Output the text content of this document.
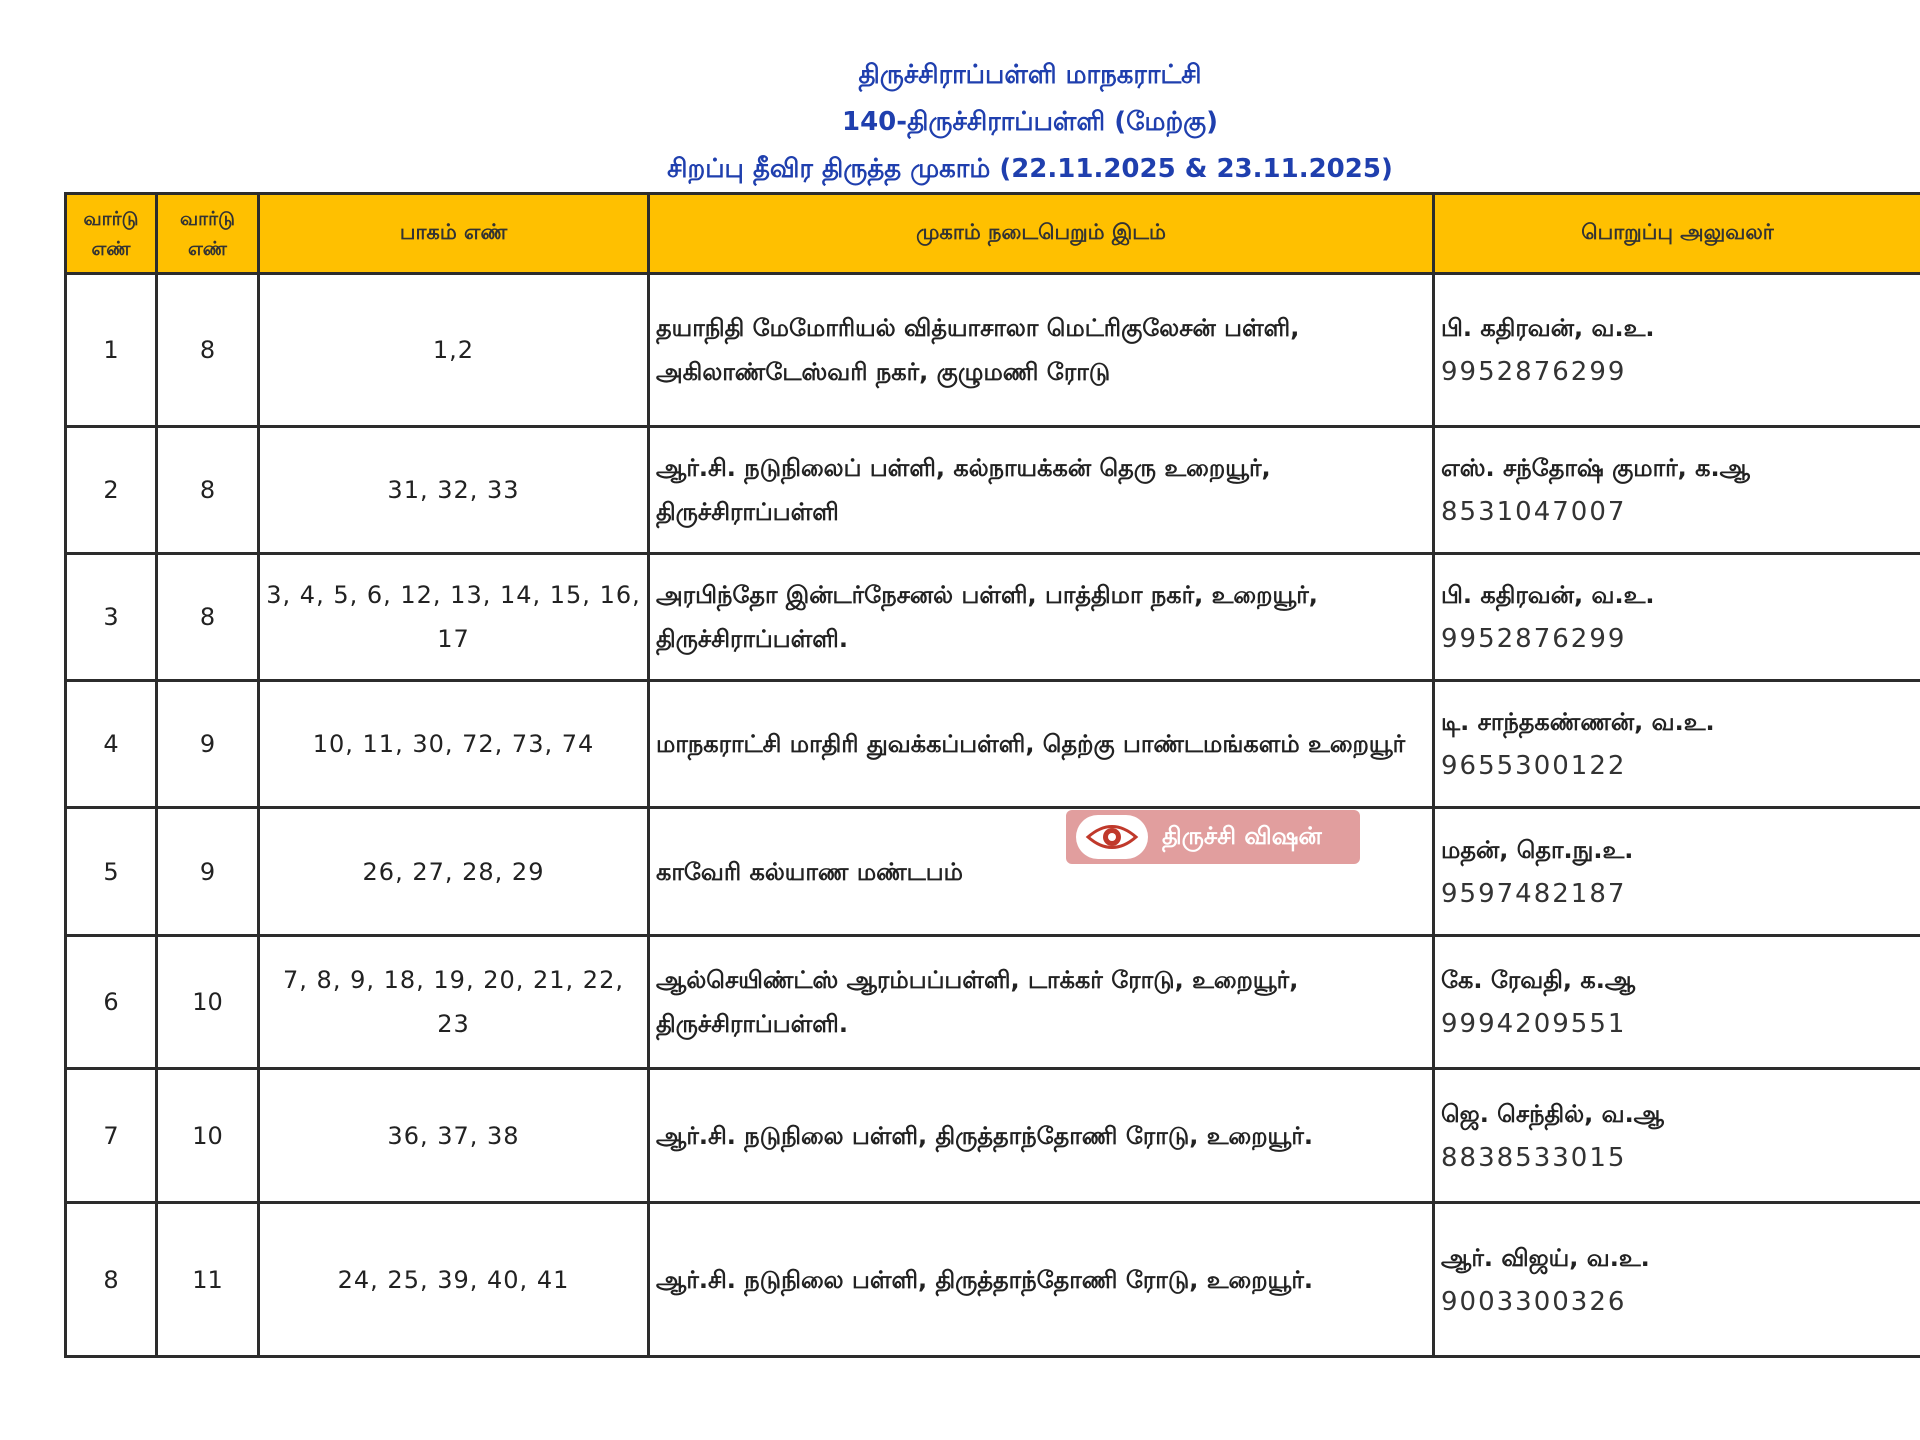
திருச்சிராப்பள்ளி மாநகராட்சி
140-திருச்சிராப்பள்ளி (மேற்கு)
சிறப்பு தீவிர திருத்த முகாம் (22.11.2025 & 23.11.2025)
வார்டு எண்	வார்டு எண்	பாகம் எண்	முகாம் நடைபெறும் இடம்	பொறுப்பு அலுவலர்
1	8	1,2	தயாநிதி மேமோரியல் வித்யாசாலா மெட்ரிகுலேசன் பள்ளி, அகிலாண்டேஸ்வரி நகர், குழுமணி ரோடு	பி. கதிரவன், வ.உ.
9952876299

2	8	31, 32, 33	ஆர்.சி. நடுநிலைப் பள்ளி, கல்நாயக்கன் தெரு உறையூர், திருச்சிராப்பள்ளி	எஸ். சந்தோஷ் குமார், க.ஆ
8531047007

3	8	3, 4, 5, 6, 12, 13, 14, 15, 16, 17	அரபிந்தோ இன்டர்நேசனல் பள்ளி, பாத்திமா நகர், உறையூர், திருச்சிராப்பள்ளி.	பி. கதிரவன், வ.உ.
9952876299

4	9	10, 11, 30, 72, 73, 74	மாநகராட்சி மாதிரி துவக்கப்பள்ளி, தெற்கு பாண்டமங்களம் உறையூர்	டி. சாந்தகண்ணன், வ.உ.
9655300122

5	9	26, 27, 28, 29	காவேரி கல்யாண மண்டபம்	மதன், தொ.நு.உ.
9597482187

6	10	7, 8, 9, 18, 19, 20, 21, 22, 23	ஆல்செயிண்ட்ஸ் ஆரம்பப்பள்ளி, டாக்கர் ரோடு, உறையூர், திருச்சிராப்பள்ளி.	கே. ரேவதி, க.ஆ
9994209551

7	10	36, 37, 38	ஆர்.சி. நடுநிலை பள்ளி, திருத்தாந்தோணி ரோடு, உறையூர்.	ஜெ. செந்தில், வ.ஆ
8838533015

8	11	24, 25, 39, 40, 41	ஆர்.சி. நடுநிலை பள்ளி, திருத்தாந்தோணி ரோடு, உறையூர்.	ஆர். விஜய், வ.உ.
9003300326
திருச்சி விஷன்
